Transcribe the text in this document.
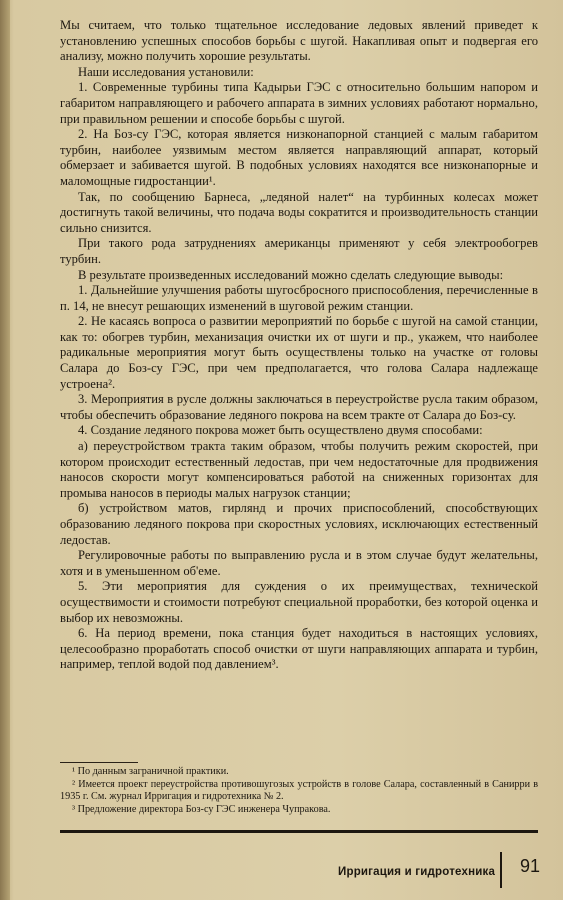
Мы считаем, что только тщательное исследование ледовых явлений приведет к установлению успешных способов борьбы с шугой. Накапливая опыт и подвергая его анализу, можно получить хорошие результаты.

Наши исследования установили:

1. Современные турбины типа Кадырьи ГЭС с относительно большим напором и габаритом направляющего и рабочего аппарата в зимних условиях работают нормально, при правильном решении и способе борьбы с шугой.

2. На Боз-су ГЭС, которая является низконапорной станцией с малым габаритом турбин, наиболее уязвимым местом является направляющий аппарат, который обмерзает и забивается шугой. В подобных условиях находятся все низконапорные и маломощные гидростанции¹.

Так, по сообщению Барнеса, „ледяной налет“ на турбинных колесах может достигнуть такой величины, что подача воды сократится и производительность станции сильно снизится.

При такого рода затруднениях американцы применяют у себя электрообогрев турбин.

В результате произведенных исследований можно сделать следующие выводы:

1. Дальнейшие улучшения работы шугосбросного приспособления, перечисленные в п. 14, не внесут решающих изменений в шуговой режим станции.

2. Не касаясь вопроса о развитии мероприятий по борьбе с шугой на самой станции, как то: обогрев турбин, механизация очистки их от шуги и пр., укажем, что наиболее радикальные мероприятия могут быть осуществлены только на участке от головы Салара до Боз-су ГЭС, при чем предполагается, что голова Салара надлежаще устроена².

3. Мероприятия в русле должны заключаться в переустройстве русла таким образом, чтобы обеспечить образование ледяного покрова на всем тракте от Салара до Боз-су.

4. Создание ледяного покрова может быть осуществлено двумя способами:

а) переустройством тракта таким образом, чтобы получить режим скоростей, при котором происходит естественный ледостав, при чем недостаточные для продвижения наносов скорости могут компенсироваться работой на сниженных горизонтах для промыва наносов в периоды малых нагрузок станции;

б) устройством матов, гирлянд и прочих приспособлений, способствующих образованию ледяного покрова при скоростных условиях, исключающих естественный ледостав.

Регулировочные работы по выправлению русла и в этом случае будут желательны, хотя и в уменьшенном об'еме.

5. Эти мероприятия для суждения о их преимуществах, технической осуществимости и стоимости потребуют специальной проработки, без которой оценка и выбор их невозможны.

6. На период времени, пока станция будет находиться в настоящих условиях, целесообразно проработать способ очистки от шуги направляющих аппарата и турбин, например, теплой водой под давлением³.

¹ По данным заграничной практики.

² Имеется проект переустройства противошугозых устройств в голове Салара, составленный в Санирри в 1935 г. См. журнал Ирригация и гидротехника № 2.

³ Предложение директора Боз-су ГЭС инженера Чупракова.

Ирригация и гидротехника 91
